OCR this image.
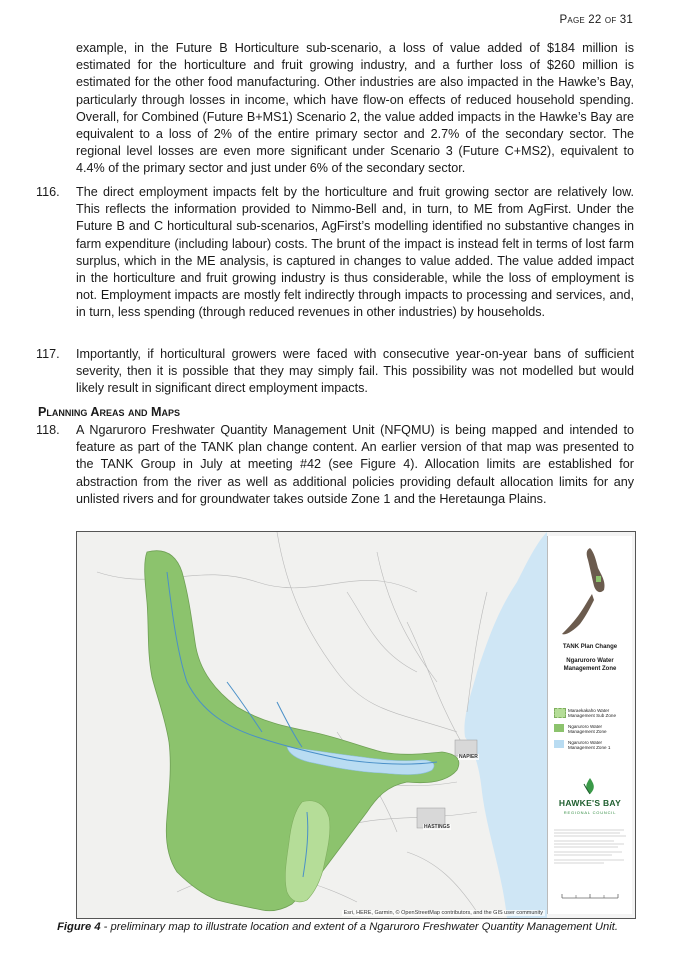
Page 22 of 31

example, in the Future B Horticulture sub-scenario, a loss of value added of $184 million is estimated for the horticulture and fruit growing industry, and a further loss of $260 million is estimated for the other food manufacturing. Other industries are also impacted in the Hawke’s Bay, particularly through losses in income, which have flow-on effects of reduced household spending. Overall, for Combined (Future B+MS1) Scenario 2, the value added impacts in the Hawke’s Bay are equivalent to a loss of 2% of the entire primary sector and 2.7% of the secondary sector. The regional level losses are even more significant under Scenario 3 (Future C+MS2), equivalent to 4.4% of the primary sector and just under 6% of the secondary sector.

116.	The direct employment impacts felt by the horticulture and fruit growing sector are relatively low. This reflects the information provided to Nimmo-Bell and, in turn, to ME from AgFirst. Under the Future B and C horticultural sub-scenarios, AgFirst’s modelling identified no substantive changes in farm expenditure (including labour) costs. The brunt of the impact is instead felt in terms of lost farm surplus, which in the ME analysis, is captured in changes to value added. The value added impact in the horticulture and fruit growing industry is thus considerable, while the loss of employment is not. Employment impacts are mostly felt indirectly through impacts to processing and services, and, in turn, less spending (through reduced revenues in other industries) by households.

117.	Importantly, if horticultural growers were faced with consecutive year-on-year bans of sufficient severity, then it is possible that they may simply fail. This possibility was not modelled but would likely result in significant direct employment impacts.

Planning Areas and Maps
118.	A Ngaruroro Freshwater Quantity Management Unit (NFQMU) is being mapped and intended to feature as part of the TANK plan change content. An earlier version of that map was presented to the TANK Group in July at meeting #42 (see Figure 4). Allocation limits are established for abstraction from the river as well as additional policies providing default allocation limits for any unlisted rivers and for groundwater takes outside Zone 1 and the Heretaunga Plains.

NAPIER
HASTINGS
Esri, HERE, Garmin, © OpenStreetMap contributors, and the GIS user community
TANK Plan Change
Ngaruroro Water Management Zone
Maraekakaho Water Management Sub Zone
Ngaruroro Water Management Zone
Ngaruroro Water Management Zone 1
HAWKE'S BAY
REGIONAL COUNCIL
Figure 4 - preliminary map to illustrate location and extent of a Ngaruroro Freshwater Quantity Management Unit.
